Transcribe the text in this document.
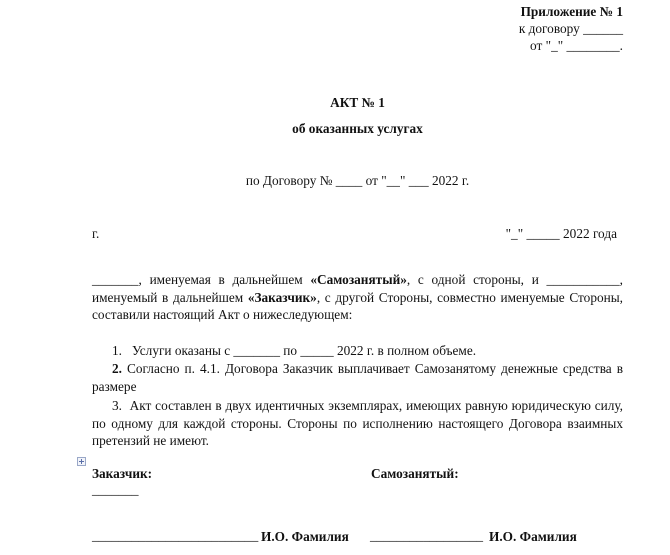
Приложение № 1
к договору ______
от "_" ________.
АКТ № 1
об оказанных услугах
по Договору № ____ от "__" ___ 2022 г.
г.	"_" _____ 2022 года
_______, именуемая в дальнейшем «Самозанятый», с одной стороны, и ___________, именуемый в дальнейшем «Заказчик», с другой Стороны, совместно именуемые Стороны, составили настоящий Акт о нижеследующем:
1. Услуги оказаны с _______ по _____ 2022 г. в полном объеме.
2. Согласно п. 4.1. Договора Заказчик выплачивает Самозанятому денежные средства в размере
3. Акт составлен в двух идентичных экземплярах, имеющих равную юридическую силу, по одному для каждой стороны. Стороны по исполнению настоящего Договора взаимных претензий не имеют.
Заказчик:
_______
Самозанятый:
_________________________ И.О. Фамилия _________________ И.О. Фамилия
